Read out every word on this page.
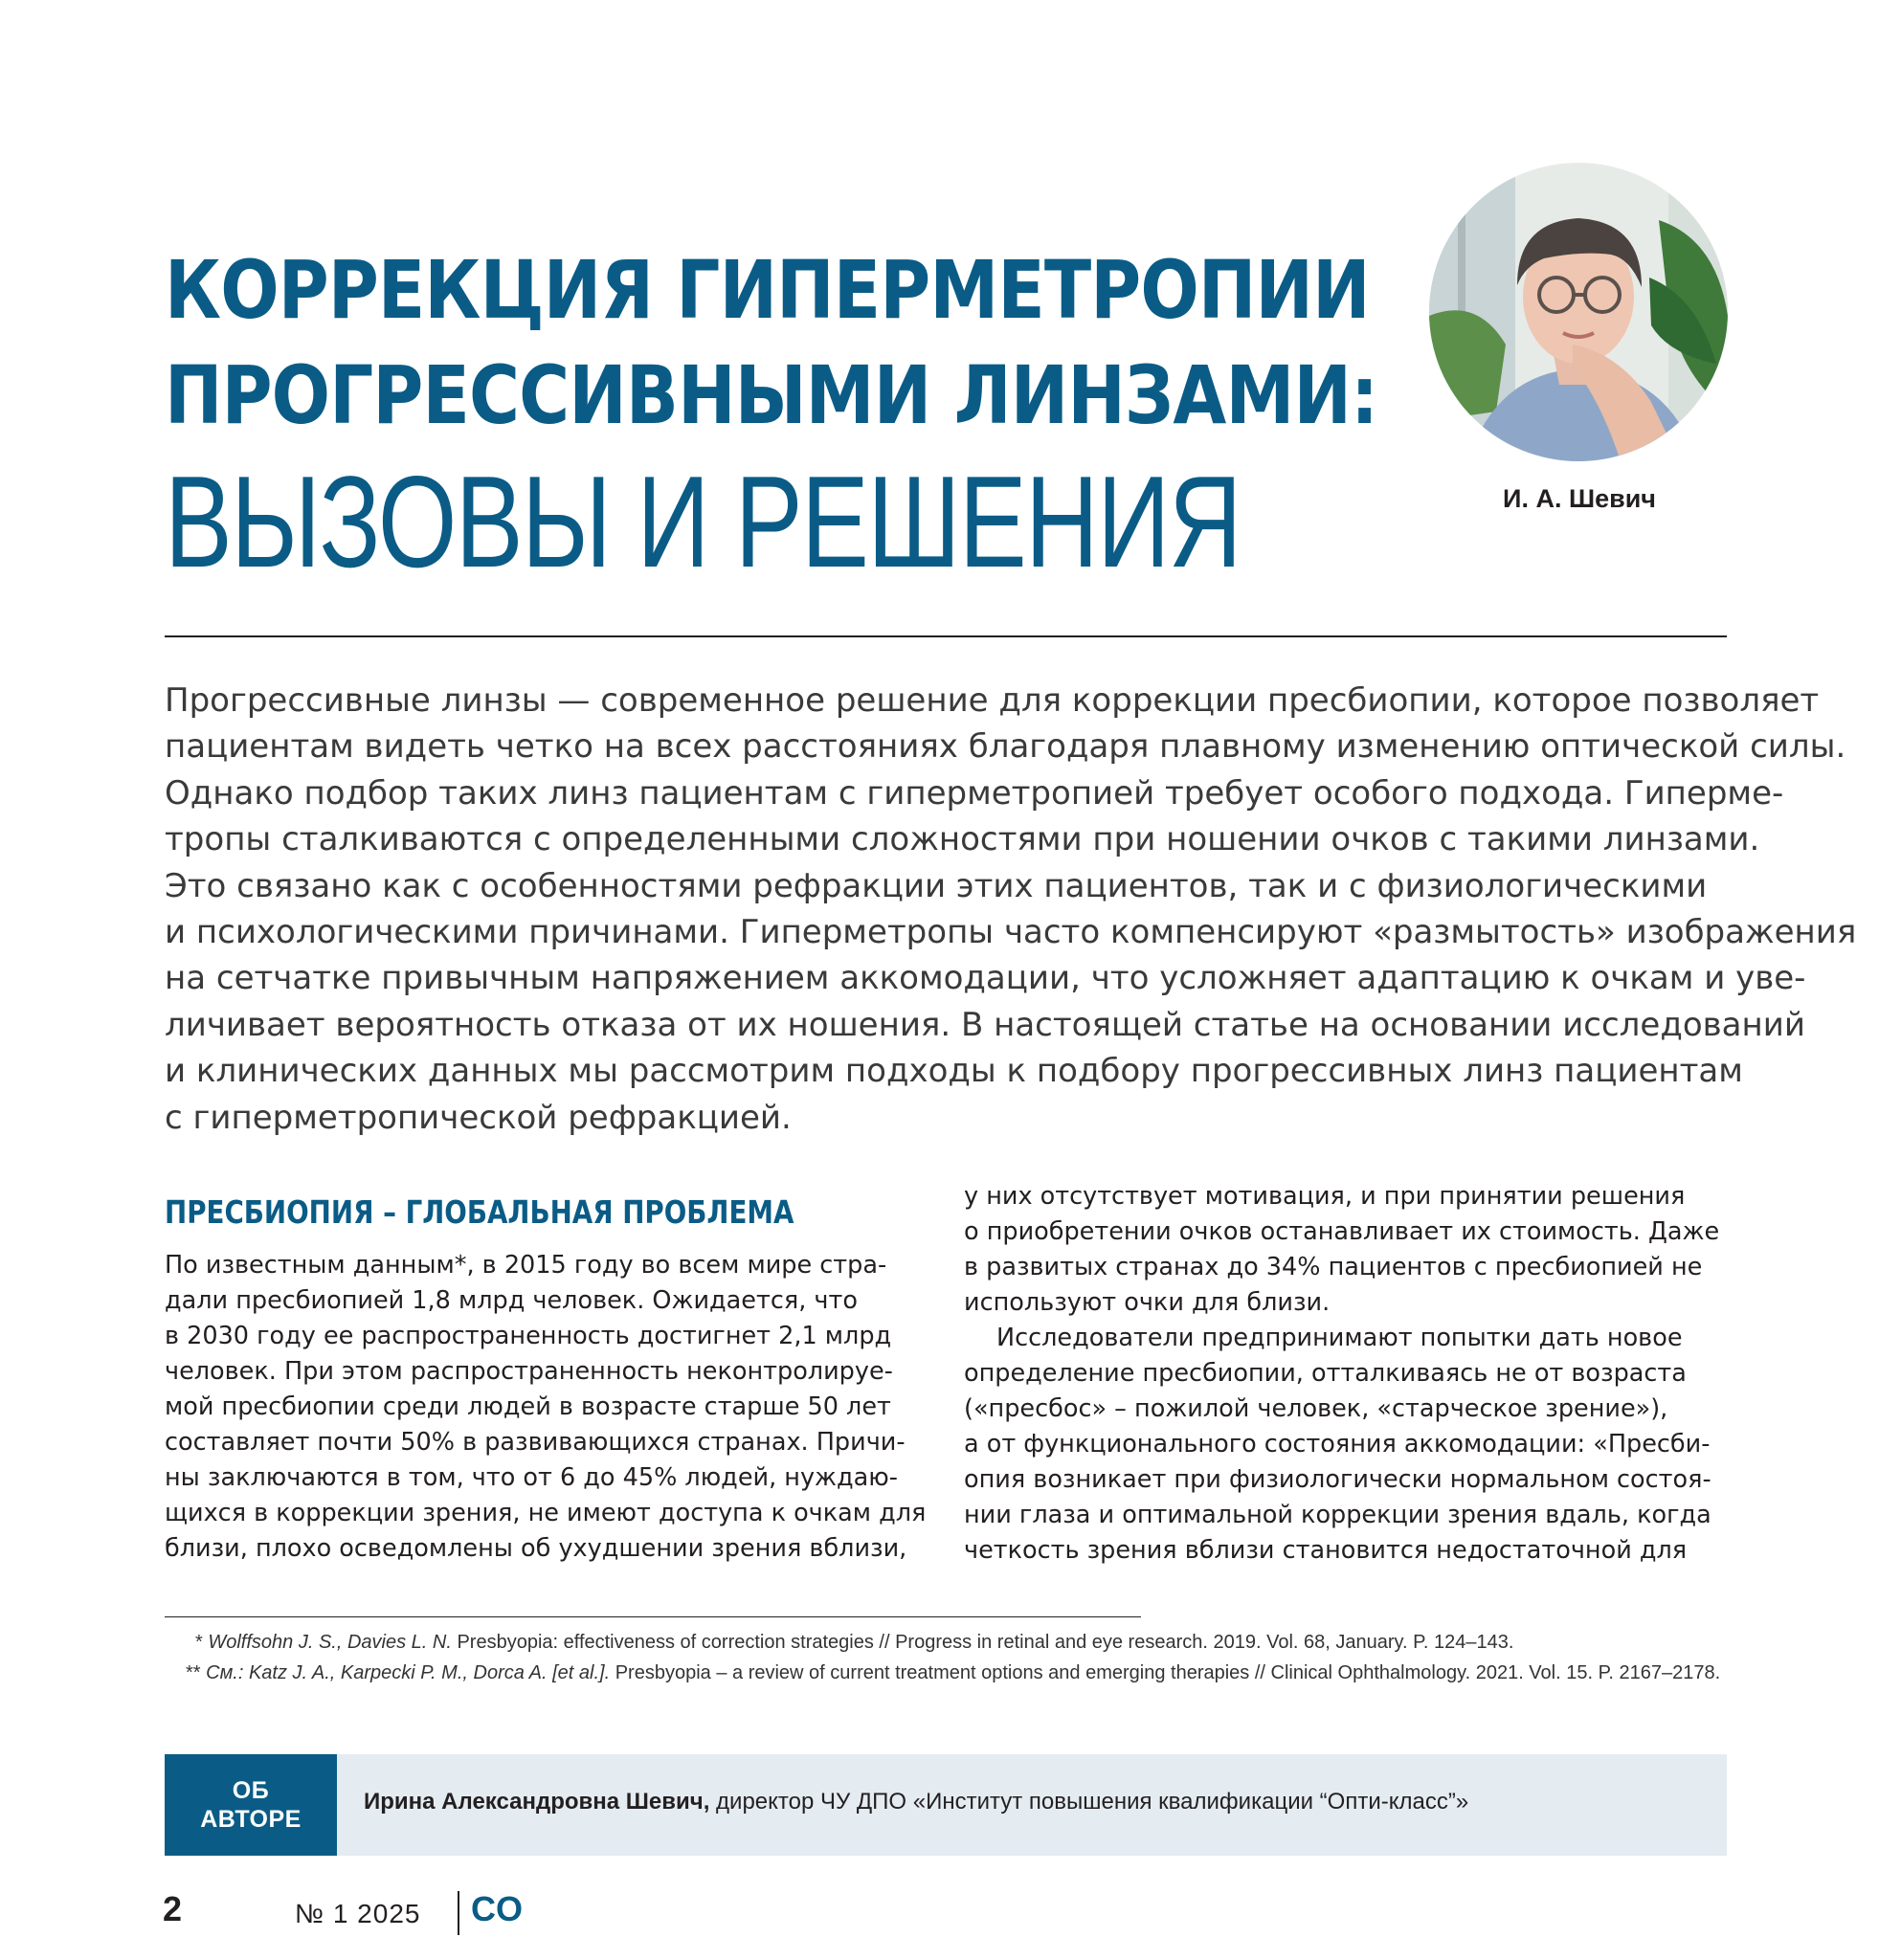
КОРРЕКЦИЯ ГИПЕРМЕТРОПИИ
ПРОГРЕССИВНЫМИ ЛИНЗАМИ:
ВЫЗОВЫ И РЕШЕНИЯ	И. А. Шевич
Прогрессивные линзы — современное решение для коррекции пресбиопии, которое позволяет
пациентам видеть четко на всех расстояниях благодаря плавному изменению оптической силы.
Однако подбор таких линз пациентам с гиперметропией требует особого подхода. Гиперме-
тропы сталкиваются с определенными сложностями при ношении очков с такими линзами.
Это связано как с особенностями рефракции этих пациентов, так и с физиологическими
и психологическими причинами. Гиперметропы часто компенсируют «размытость» изображения
на сетчатке привычным напряжением аккомодации, что усложняет адаптацию к очкам и уве-
личивает вероятность отказа от их ношения. В настоящей статье на основании исследований
и клинических данных мы рассмотрим подходы к подбору прогрессивных линз пациентам
с гиперметропической рефракцией.
ПРЕСБИОПИЯ – ГЛОБАЛЬНАЯ ПРОБЛЕМА
По известным данным*, в 2015 году во всем мире стра-
дали пресбиопией 1,8 млрд человек. Ожидается, что
в 2030 году ее распространенность достигнет 2,1 млрд
человек. При этом распространенность неконтролируе-
мой пресбиопии среди людей в возрасте старше 50 лет
составляет почти 50% в развивающихся странах. Причи-
ны заключаются в том, что от 6 до 45% людей, нуждаю-
щихся в коррекции зрения, не имеют доступа к очкам для
близи, плохо осведомлены об ухудшении зрения вблизи,
у них отсутствует мотивация, и при принятии решения
о приобретении очков останавливает их стоимость. Даже
в развитых странах до 34% пациентов с пресбиопией не
используют очки для близи.
Исследователи предпринимают попытки дать новое
определение пресбиопии, отталкиваясь не от возраста
(«пресбос» – пожилой человек, «старческое зрение»),
а от функционального состояния аккомодации: «Пресби-
опия возникает при физиологически нормальном состоя-
нии глаза и оптимальной коррекции зрения вдаль, когда
четкость зрения вблизи становится недостаточной для

* Wolffsohn J. S., Davies L. N. Presbyopia: effectiveness of correction strategies // Progress in retinal and eye research. 2019. Vol. 68, January. P. 124–143.

** См.: Katz J. A., Karpecki P. M., Dorca A. [et al.]. Presbyopia – a review of current treatment options and emerging therapies // Clinical Ophthalmology. 2021. Vol. 15. P. 2167–2178.

ОБ
АВТОРЕ
Ирина Александровна Шевич, директор ЧУ ДПО «Институт повышения квалификации “Опти-класс”»
2	№ 1 2025 CO
